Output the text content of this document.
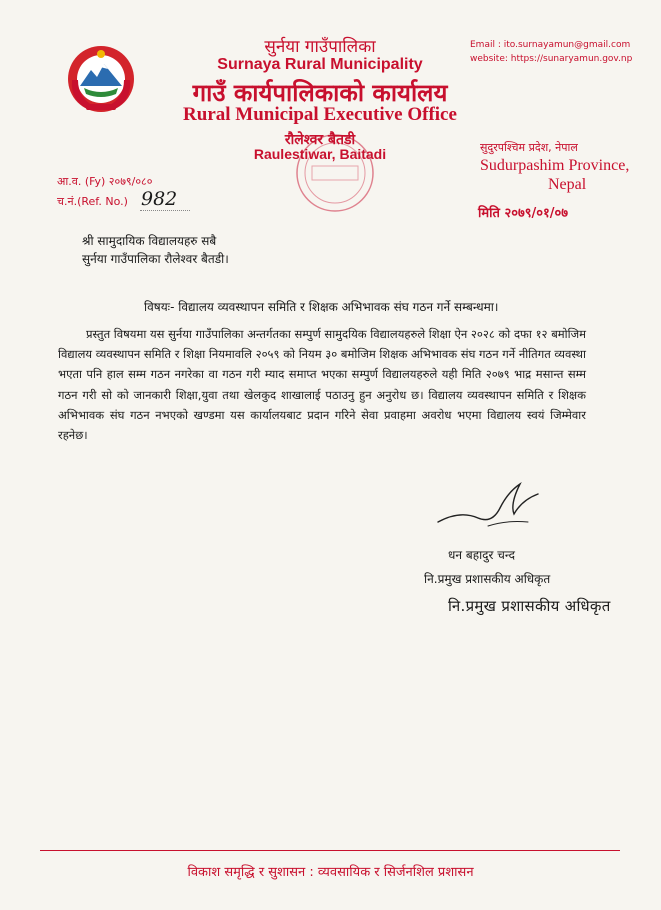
सुर्नया गाउँपालिका
Surnaya Rural Municipality
गाउँ कार्यपालिकाको कार्यालय
Rural Municipal Executive Office
रौलेश्वर बैतडी
Raulestiwar, Baitadi
Email : ito.surnayamun@gmail.com
website: https://sunaryamun.gov.np
सुदुरपश्चिम प्रदेश, नेपाल
Sudurpashim Province,
Nepal
आ.व. (Fy) २०७९/०८०
च.नं.(Ref. No.) 982
मिति २०७९/०१/०७
श्री सामुदायिक विद्यालयहरु सबै
सुर्नया गाउँपालिका रौलेश्वर बैतडी।
विषयः- विद्यालय व्यवस्थापन समिति र शिक्षक अभिभावक संघ गठन गर्ने सम्बन्धमा।

प्रस्तुत विषयमा यस सुर्नया गाउँपालिका अन्तर्गतका सम्पुर्ण सामुदयिक विद्यालयहरुले शिक्षा ऐन २०२८ को दफा १२ बमोजिम विद्यालय व्यवस्थापन समिति र शिक्षा नियमावलि २०५९ को नियम ३० बमोजिम शिक्षक अभिभावक संघ गठन गर्ने नीतिगत व्यवस्था भएता पनि हाल सम्म गठन नगरेका वा गठन गरी म्याद समाप्त भएका सम्पुर्ण विद्यालयहरुले यही मिति २०७९ भाद्र मसान्त सम्म गठन गरी सो को जानकारी शिक्षा,युवा तथा खेलकुद शाखालाई पठाउनु हुन अनुरोध छ। विद्यालय व्यवस्थापन समिति र शिक्षक अभिभावक संघ गठन नभएको खण्डमा यस कार्यालयबाट प्रदान गरिने सेवा प्रवाहमा अवरोध भएमा विद्यालय स्वयं जिम्मेवार रहनेछ।

धन बहादुर चन्द
नि.प्रमुख प्रशासकीय अधिकृत
नि.प्रमुख प्रशासकीय अधिकृत
विकाश समृद्धि र सुशासन : व्यवसायिक र सिर्जनशिल प्रशासन
